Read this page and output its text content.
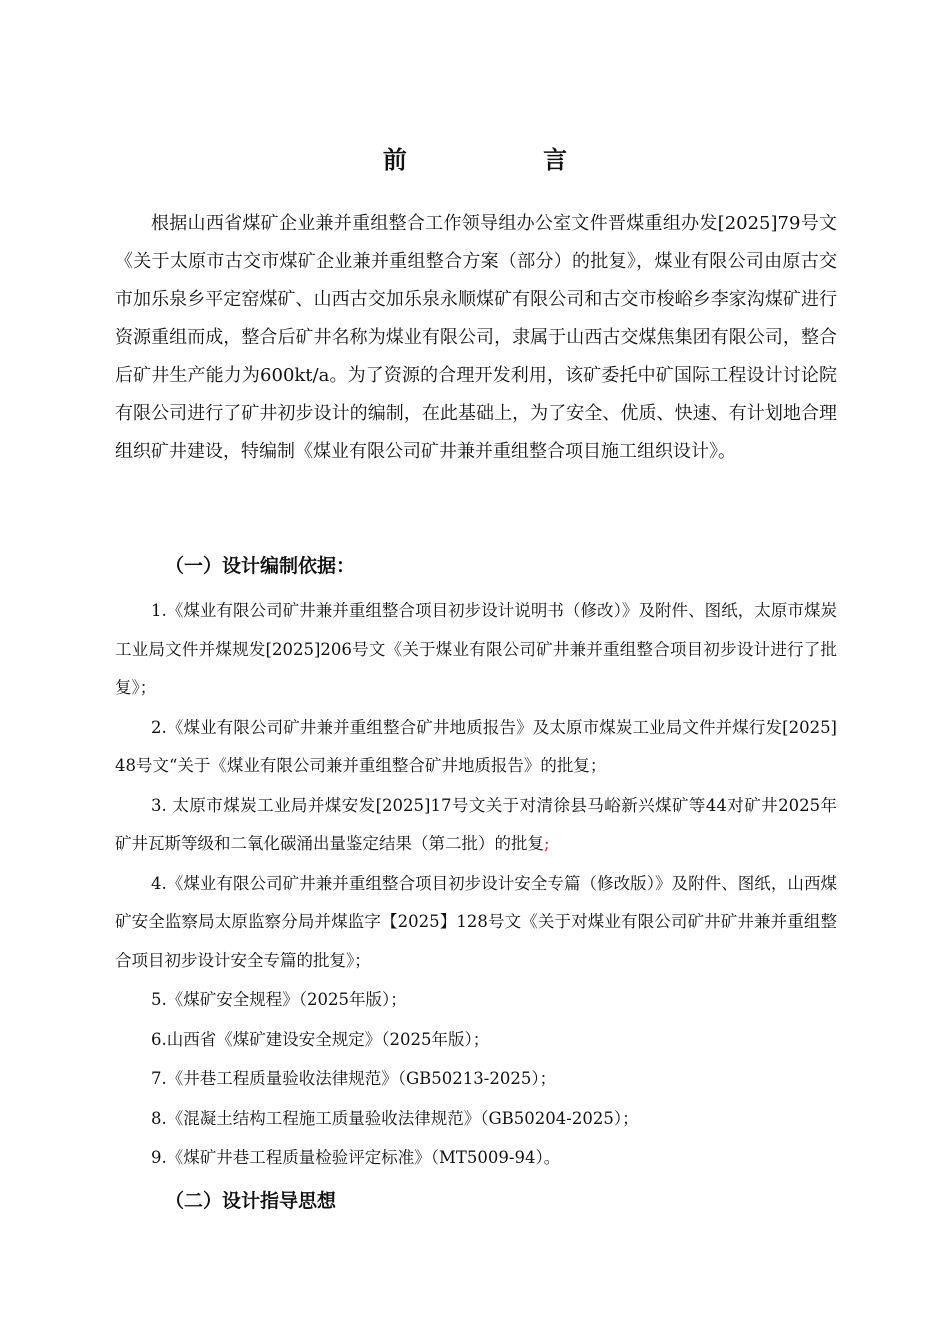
前 言

根据山西省煤矿企业兼并重组整合工作领导组办公室文件晋煤重组办发[2025]79号文《关于太原市古交市煤矿企业兼并重组整合方案（部分）的批复》，煤业有限公司由原古交市加乐泉乡平定窑煤矿、山西古交加乐泉永顺煤矿有限公司和古交市梭峪乡李家沟煤矿进行资源重组而成，整合后矿井名称为煤业有限公司，隶属于山西古交煤焦集团有限公司，整合后矿井生产能力为600kt/a。为了资源的合理开发利用，该矿委托中矿国际工程设计讨论院有限公司进行了矿井初步设计的编制，在此基础上，为了安全、优质、快速、有计划地合理组织矿井建设，特编制《煤业有限公司矿井兼并重组整合项目施工组织设计》。

（一）设计编制依据：
1.《煤业有限公司矿井兼并重组整合项目初步设计说明书（修改）》及附件、图纸，太原市煤炭工业局文件并煤规发[2025]206号文《关于煤业有限公司矿井兼并重组整合项目初步设计进行了批复》；
2.《煤业有限公司矿井兼并重组整合矿井地质报告》及太原市煤炭工业局文件并煤行发[2025]48号文“关于《煤业有限公司兼并重组整合矿井地质报告》的批复；
3. 太原市煤炭工业局并煤安发[2025]17号文关于对清徐县马峪新兴煤矿等44对矿井2025年矿井瓦斯等级和二氧化碳涌出量鉴定结果（第二批）的批复;
4.《煤业有限公司矿井兼并重组整合项目初步设计安全专篇（修改版）》及附件、图纸，山西煤矿安全监察局太原监察分局并煤监字【2025】128号文《关于对煤业有限公司矿井矿井兼并重组整合项目初步设计安全专篇的批复》；
5.《煤矿安全规程》（2025年版）；
6.山西省《煤矿建设安全规定》（2025年版）；
7.《井巷工程质量验收法律规范》（GB50213-2025）；
8.《混凝土结构工程施工质量验收法律规范》（GB50204-2025）；
9.《煤矿井巷工程质量检验评定标准》（MT5009-94）。
（二）设计指导思想
